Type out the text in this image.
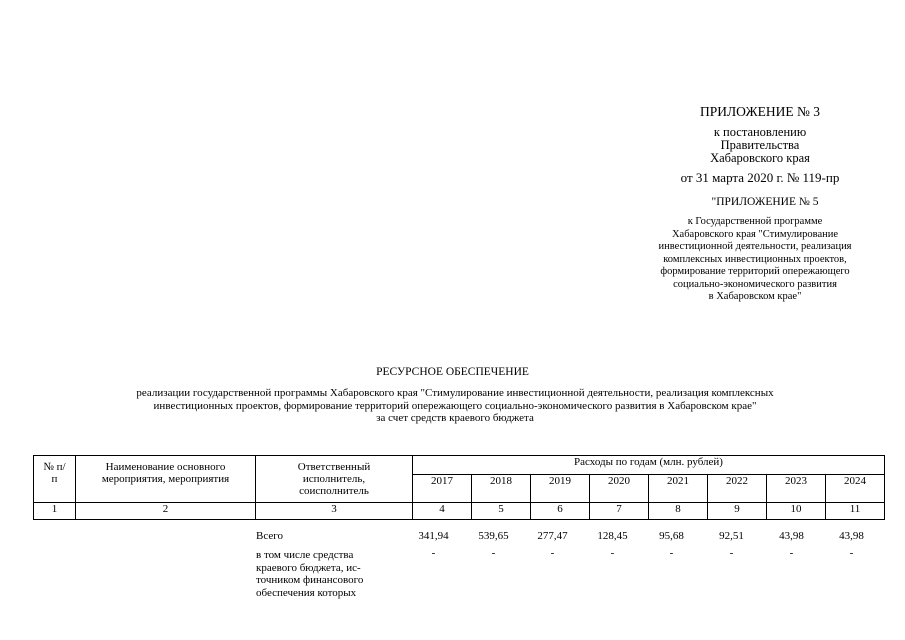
ПРИЛОЖЕНИЕ № 3
к постановлению
Правительства
Хабаровского края
от 31 марта 2020 г. № 119-пр
"ПРИЛОЖЕНИЕ № 5
к Государственной программе
Хабаровского края "Стимулирование
инвестиционной деятельности, реализация
комплексных инвестиционных проектов,
формирование территорий опережающего
социально-экономического развития
в Хабаровском крае"
РЕСУРСНОЕ ОБЕСПЕЧЕНИЕ
реализации государственной программы Хабаровского края "Стимулирование инвестиционной деятельности, реализация комплексных
инвестиционных проектов, формирование территорий опережающего социально-экономического развития в Хабаровском крае"
за счет средств краевого бюджета
№ п/п	Наименование основного мероприятия, мероприятия	Ответственный исполнитель, соисполнитель	Расходы по годам (млн. рублей)							
			2017	2018	2019	2020	2021	2022	2023	2024
1	2	3	4	5	6	7	8	9	10	11
Всего	341,94	539,65	277,47	128,45	95,68	92,51	43,98	43,98
в том числе средства краевого бюджета, ис- точником финансового обеспечения которых
-	-	-	-	-	-	-	-
